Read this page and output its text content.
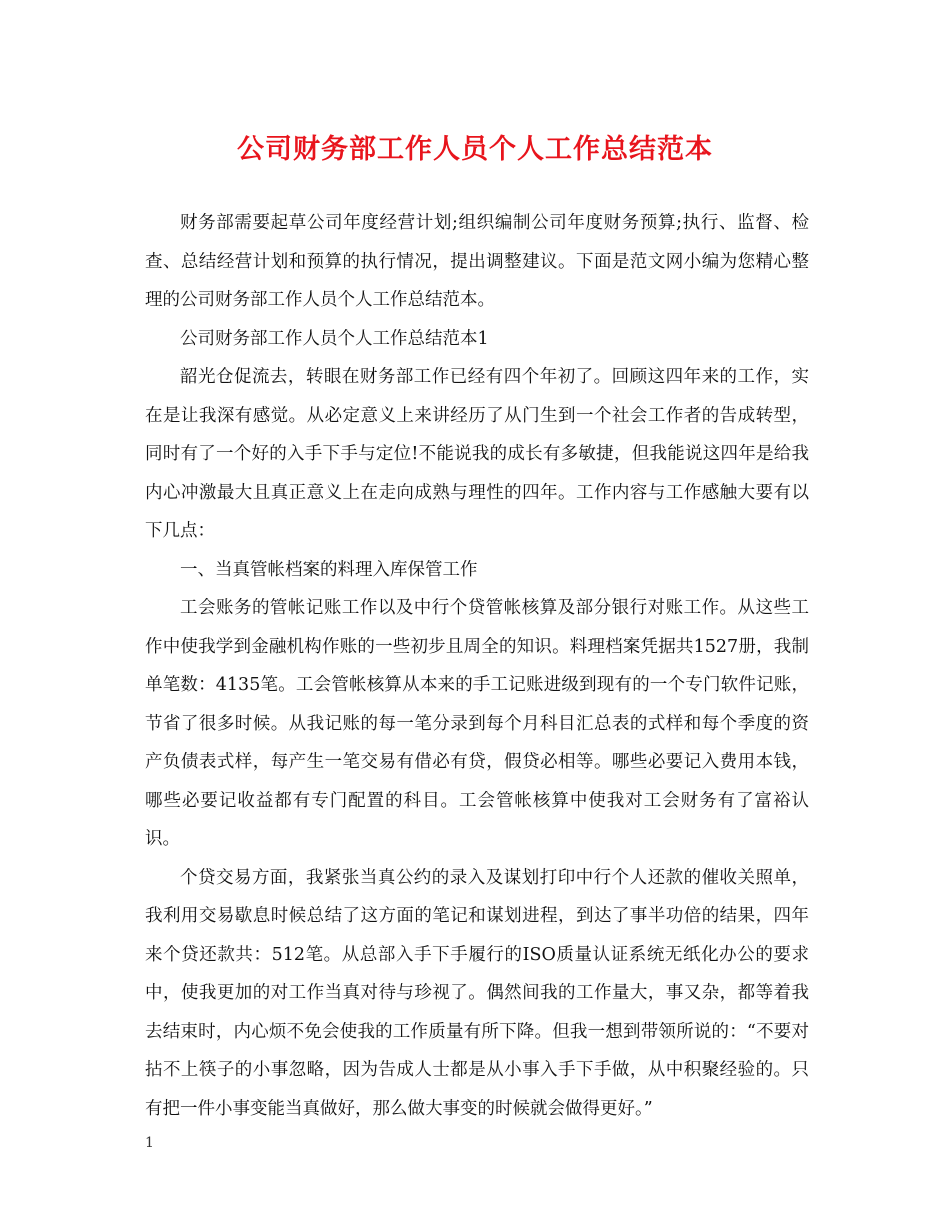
公司财务部工作人员个人工作总结范本

财务部需要起草公司年度经营计划;组织编制公司年度财务预算;执行、监督、检查、总结经营计划和预算的执行情况，提出调整建议。下面是范文网小编为您精心整理的公司财务部工作人员个人工作总结范本。

公司财务部工作人员个人工作总结范本1

韶光仓促流去，转眼在财务部工作已经有四个年初了。回顾这四年来的工作，实在是让我深有感觉。从必定意义上来讲经历了从门生到一个社会工作者的告成转型，同时有了一个好的入手下手与定位!不能说我的成长有多敏捷，但我能说这四年是给我内心冲激最大且真正意义上在走向成熟与理性的四年。工作内容与工作感触大要有以下几点：

一、当真管帐档案的料理入库保管工作

工会账务的管帐记账工作以及中行个贷管帐核算及部分银行对账工作。从这些工作中使我学到金融机构作账的一些初步且周全的知识。料理档案凭据共1527册，我制单笔数：4135笔。工会管帐核算从本来的手工记账进级到现有的一个专门软件记账，节省了很多时候。从我记账的每一笔分录到每个月科目汇总表的式样和每个季度的资产负债表式样，每产生一笔交易有借必有贷，假贷必相等。哪些必要记入费用本钱，哪些必要记收益都有专门配置的科目。工会管帐核算中使我对工会财务有了富裕认识。

个贷交易方面，我紧张当真公约的录入及谋划打印中行个人还款的催收关照单，我利用交易歇息时候总结了这方面的笔记和谋划进程，到达了事半功倍的结果，四年来个贷还款共：512笔。从总部入手下手履行的ISO质量认证系统无纸化办公的要求中，使我更加的对工作当真对待与珍视了。偶然间我的工作量大，事又杂，都等着我去结束时，内心烦不免会使我的工作质量有所下降。但我一想到带领所说的：“不要对拈不上筷子的小事忽略，因为告成人士都是从小事入手下手做，从中积聚经验的。只有把一件小事变能当真做好，那么做大事变的时候就会做得更好。”

1
